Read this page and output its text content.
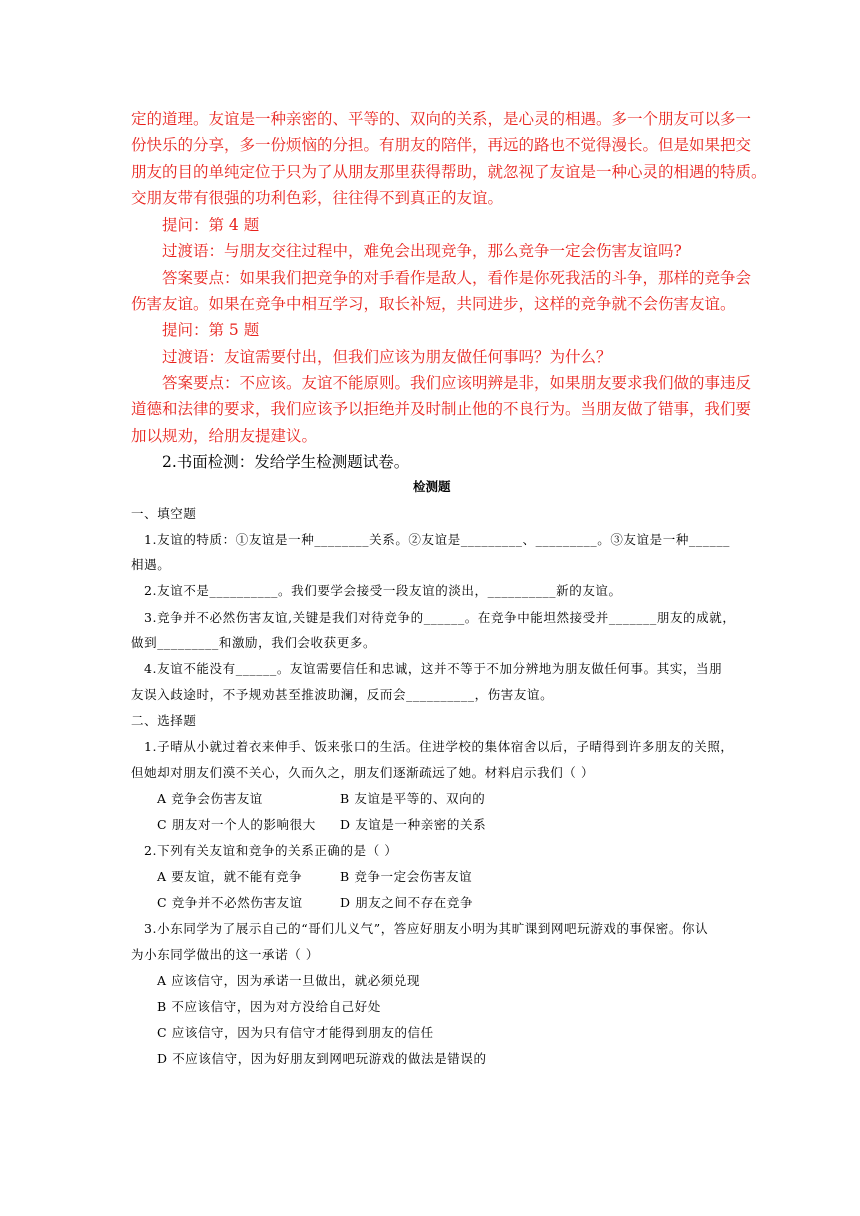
定的道理。友谊是一种亲密的、平等的、双向的关系，是心灵的相遇。多一个朋友可以多一
份快乐的分享，多一份烦恼的分担。有朋友的陪伴，再远的路也不觉得漫长。但是如果把交
朋友的目的单纯定位于只为了从朋友那里获得帮助，就忽视了友谊是一种心灵的相遇的特质。
交朋友带有很强的功利色彩，往往得不到真正的友谊。
提问：第 4 题
过渡语：与朋友交往过程中，难免会出现竞争，那么竞争一定会伤害友谊吗?
答案要点：如果我们把竞争的对手看作是敌人，看作是你死我活的斗争，那样的竞争会
伤害友谊。如果在竞争中相互学习，取长补短，共同进步，这样的竞争就不会伤害友谊。
提问：第 5 题
过渡语：友谊需要付出，但我们应该为朋友做任何事吗？为什么？
答案要点：不应该。友谊不能原则。我们应该明辨是非，如果朋友要求我们做的事违反
道德和法律的要求，我们应该予以拒绝并及时制止他的不良行为。当朋友做了错事，我们要
加以规劝，给朋友提建议。
2.书面检测：发给学生检测题试卷。
检测题
一、填空题
1.友谊的特质：①友谊是一种________关系。②友谊是_________、_________。③友谊是一种______
相遇。
2.友谊不是__________。我们要学会接受一段友谊的淡出，__________新的友谊。
3.竞争并不必然伤害友谊,关键是我们对待竞争的______。在竞争中能坦然接受并_______朋友的成就，
做到_________和激励，我们会收获更多。
4.友谊不能没有______。友谊需要信任和忠诚，这并不等于不加分辨地为朋友做任何事。其实，当朋
友误入歧途时，不予规劝甚至推波助澜，反而会__________，伤害友谊。
二、选择题
1.子晴从小就过着衣来伸手、饭来张口的生活。住进学校的集体宿舍以后，子晴得到许多朋友的关照，
但她却对朋友们漠不关心，久而久之，朋友们逐渐疏远了她。材料启示我们（ ）
A 竞争会伤害友谊	B 友谊是平等的、双向的
C 朋友对一个人的影响很大 D 友谊是一种亲密的关系
2.下列有关友谊和竞争的关系正确的是（ ）
A 要友谊，就不能有竞争	B 竞争一定会伤害友谊
C 竞争并不必然伤害友谊	D 朋友之间不存在竞争
3.小东同学为了展示自己的“哥们儿义气”，答应好朋友小明为其旷课到网吧玩游戏的事保密。你认
为小东同学做出的这一承诺（ ）
A 应该信守，因为承诺一旦做出，就必须兑现
B 不应该信守，因为对方没给自己好处
C 应该信守，因为只有信守才能得到朋友的信任
D 不应该信守，因为好朋友到网吧玩游戏的做法是错误的
